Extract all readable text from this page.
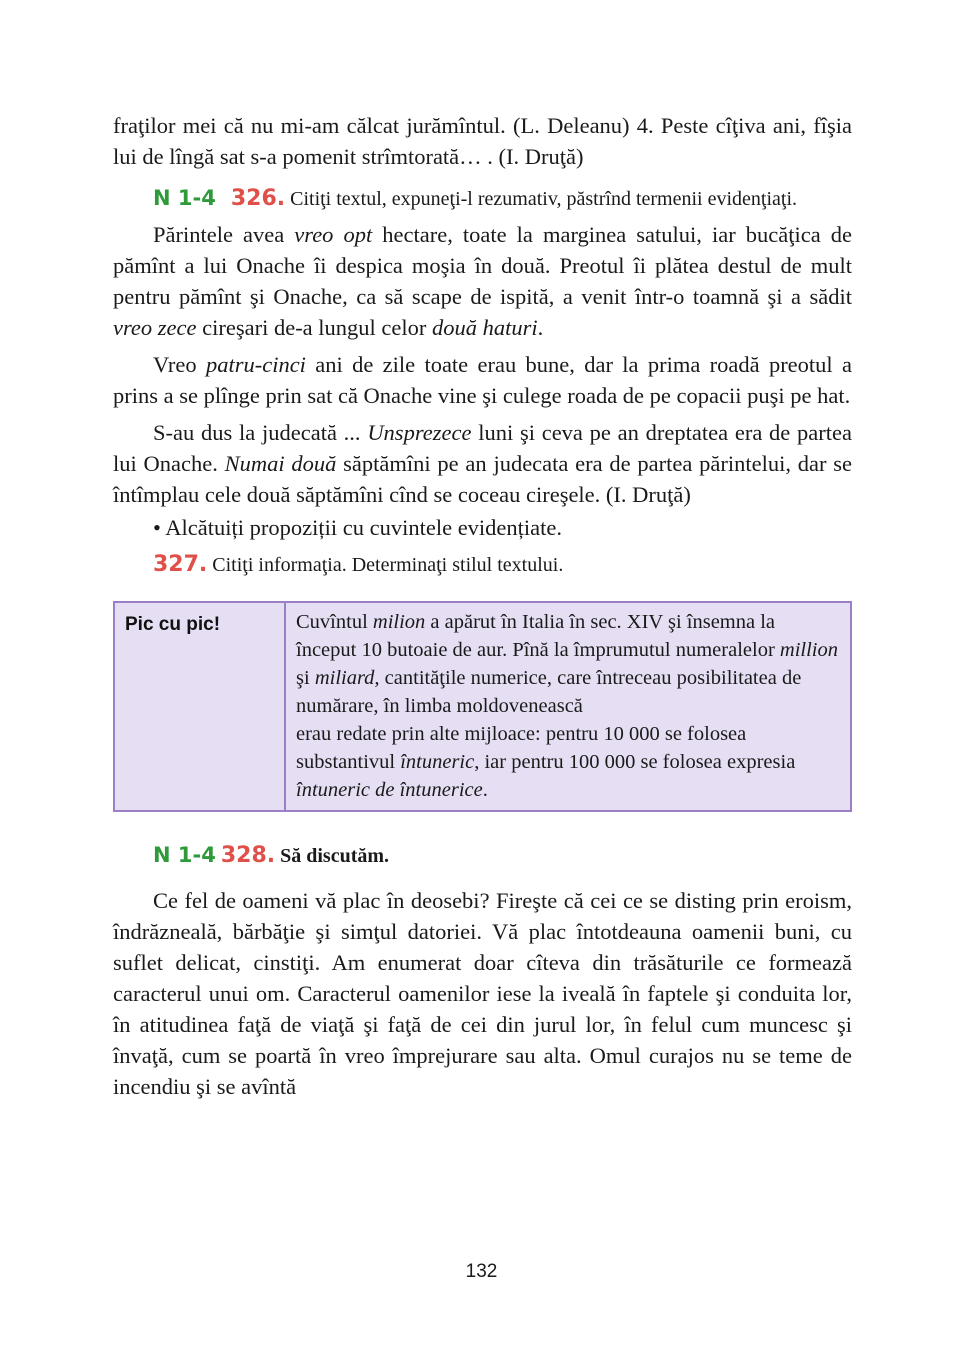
fraţilor mei că nu mi-am călcat jurămîntul. (L. Deleanu) 4. Peste cîţiva ani, fîşia lui de lîngă sat s-a pomenit strîmtorată… . (I. Druţă)

N 1-4 326. Citiţi textul, expuneţi-l rezumativ, păstrînd termenii evidenţiaţi.

Părintele avea vreo opt hectare, toate la marginea satului, iar bucăţica de pămînt a lui Onache îi despica moşia în două. Preotul îi plătea destul de mult pentru pămînt şi Onache, ca să scape de ispită, a venit într-o toamnă şi a sădit vreo zece cireşari de-a lungul celor două haturi.

Vreo patru-cinci ani de zile toate erau bune, dar la prima roadă preotul a prins a se plînge prin sat că Onache vine şi culege roada de pe copacii puşi pe hat.

S-au dus la judecată ... Unsprezece luni şi ceva pe an dreptatea era de partea lui Onache. Numai două săptămîni pe an judecata era de partea părintelui, dar se întîmplau cele două săptămîni cînd se coceau cireşele. (I. Druţă)

• Alcătuiți propoziții cu cuvintele evidențiate.

327. Citiţi informaţia. Determinaţi stilul textului.

Pic cu pic!	Cuvîntul milion a apărut în Italia în sec. XIV şi însemna la început 10 butoaie de aur. Pînă la împrumutul numeralelor million şi miliard, cantităţile numerice, care întreceau posibilitatea de numărare, în limba moldovenească
erau redate prin alte mijloace: pentru 10 000 se folosea substantivul întuneric, iar pentru 100 000 se folosea expresia întuneric de întunerice.

N 1-4 328. Să discutăm.

Ce fel de oameni vă plac în deosebi? Fireşte că cei ce se disting prin eroism, îndrăzneală, bărbăţie şi simţul datoriei. Vă plac întotdeauna oamenii buni, cu suflet delicat, cinstiţi. Am enumerat doar cîteva din trăsăturile ce formează caracterul unui om. Caracterul oamenilor iese la iveală în faptele şi conduita lor, în atitudinea faţă de viaţă şi faţă de cei din jurul lor, în felul cum muncesc şi învaţă, cum se poartă în vreo împrejurare sau alta. Omul curajos nu se teme de incendiu şi se avîntă

132
